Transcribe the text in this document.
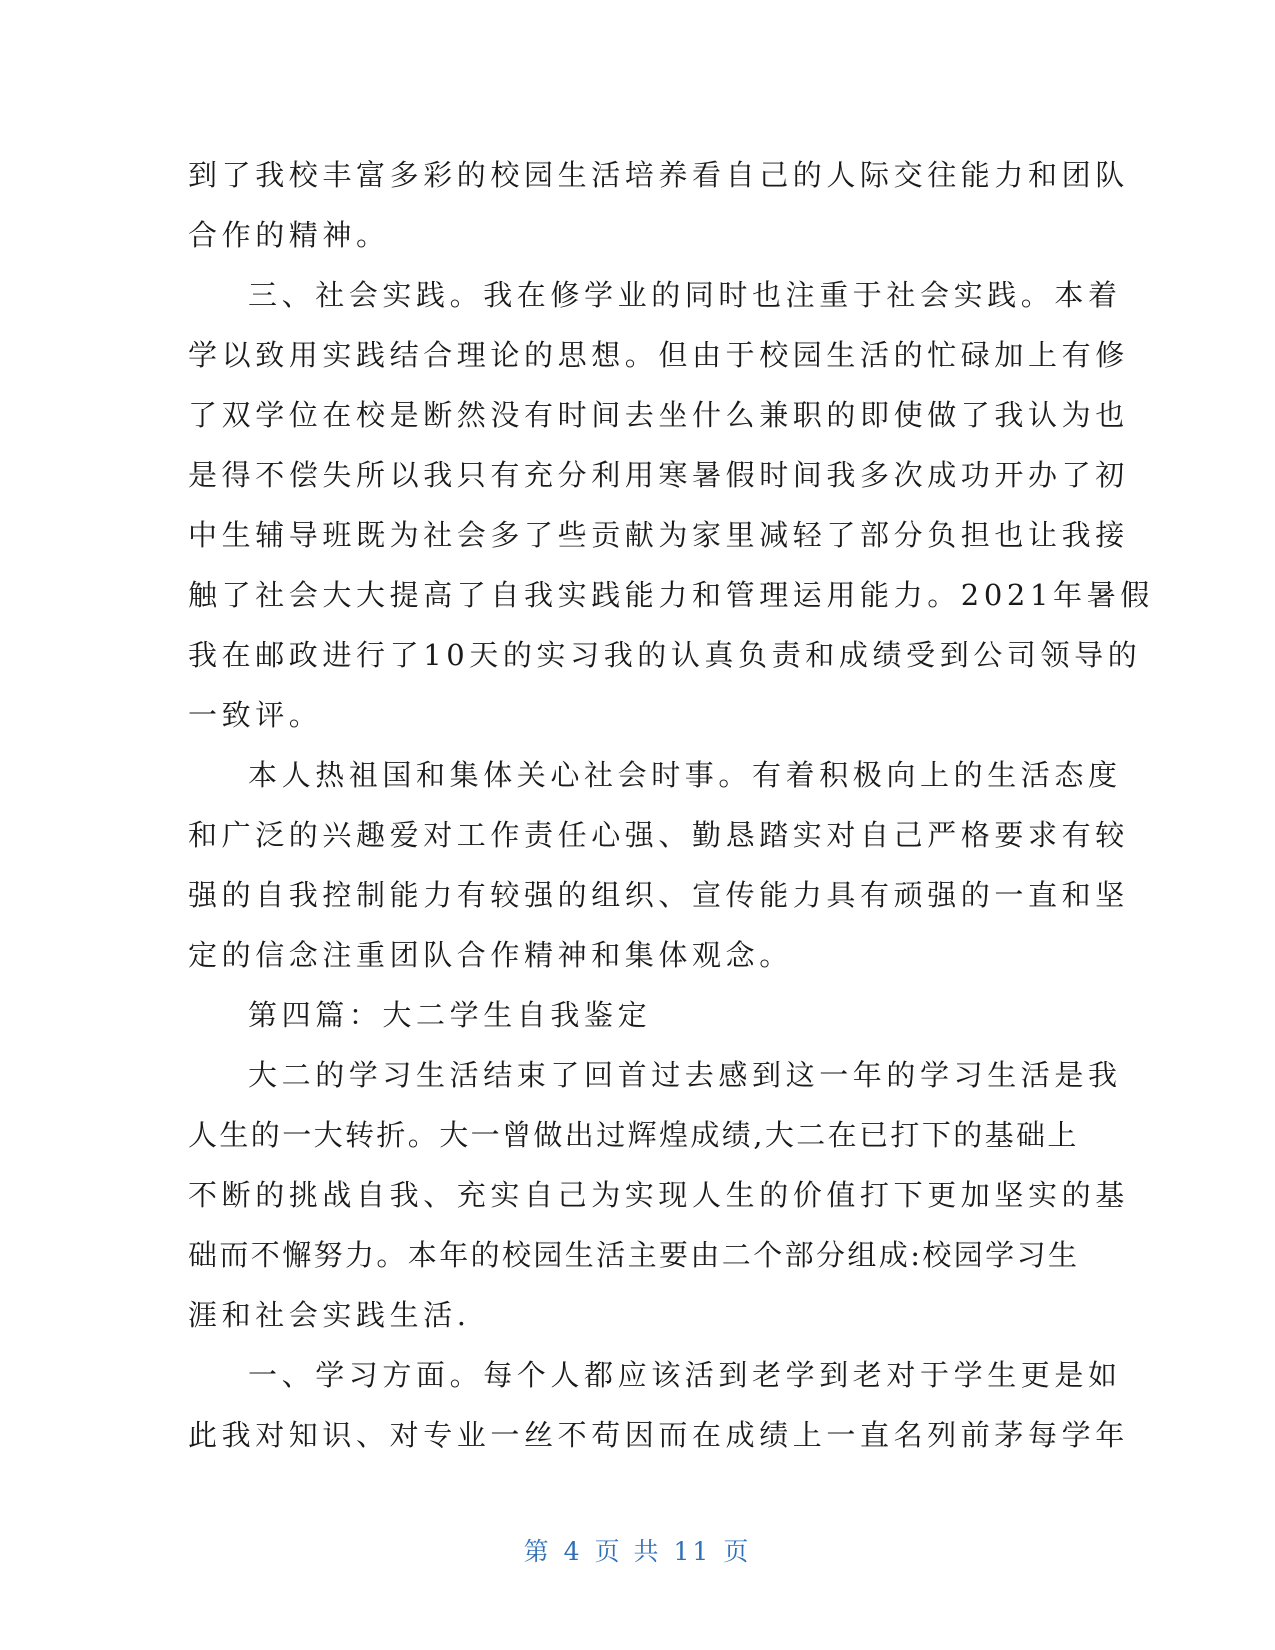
到了我校丰富多彩的校园生活培养看自己的人际交往能力和团队
合作的精神。
三、社会实践。我在修学业的同时也注重于社会实践。本着
学以致用实践结合理论的思想。但由于校园生活的忙碌加上有修
了双学位在校是断然没有时间去坐什么兼职的即使做了我认为也
是得不偿失所以我只有充分利用寒暑假时间我多次成功开办了初
中生辅导班既为社会多了些贡献为家里减轻了部分负担也让我接
触了社会大大提高了自我实践能力和管理运用能力。2021年暑假
我在邮政进行了10天的实习我的认真负责和成绩受到公司领导的
一致评。
本人热祖国和集体关心社会时事。有着积极向上的生活态度
和广泛的兴趣爱对工作责任心强、勤恳踏实对自己严格要求有较
强的自我控制能力有较强的组织、宣传能力具有顽强的一直和坚
定的信念注重团队合作精神和集体观念。
第四篇：大二学生自我鉴定
大二的学习生活结束了回首过去感到这一年的学习生活是我
人生的一大转折。大一曾做出过辉煌成绩,大二在已打下的基础上
不断的挑战自我、充实自己为实现人生的价值打下更加坚实的基
础而不懈努力。本年的校园生活主要由二个部分组成:校园学习生
涯和社会实践生活.
一、学习方面。每个人都应该活到老学到老对于学生更是如
此我对知识、对专业一丝不苟因而在成绩上一直名列前茅每学年
第 4 页 共 11 页
